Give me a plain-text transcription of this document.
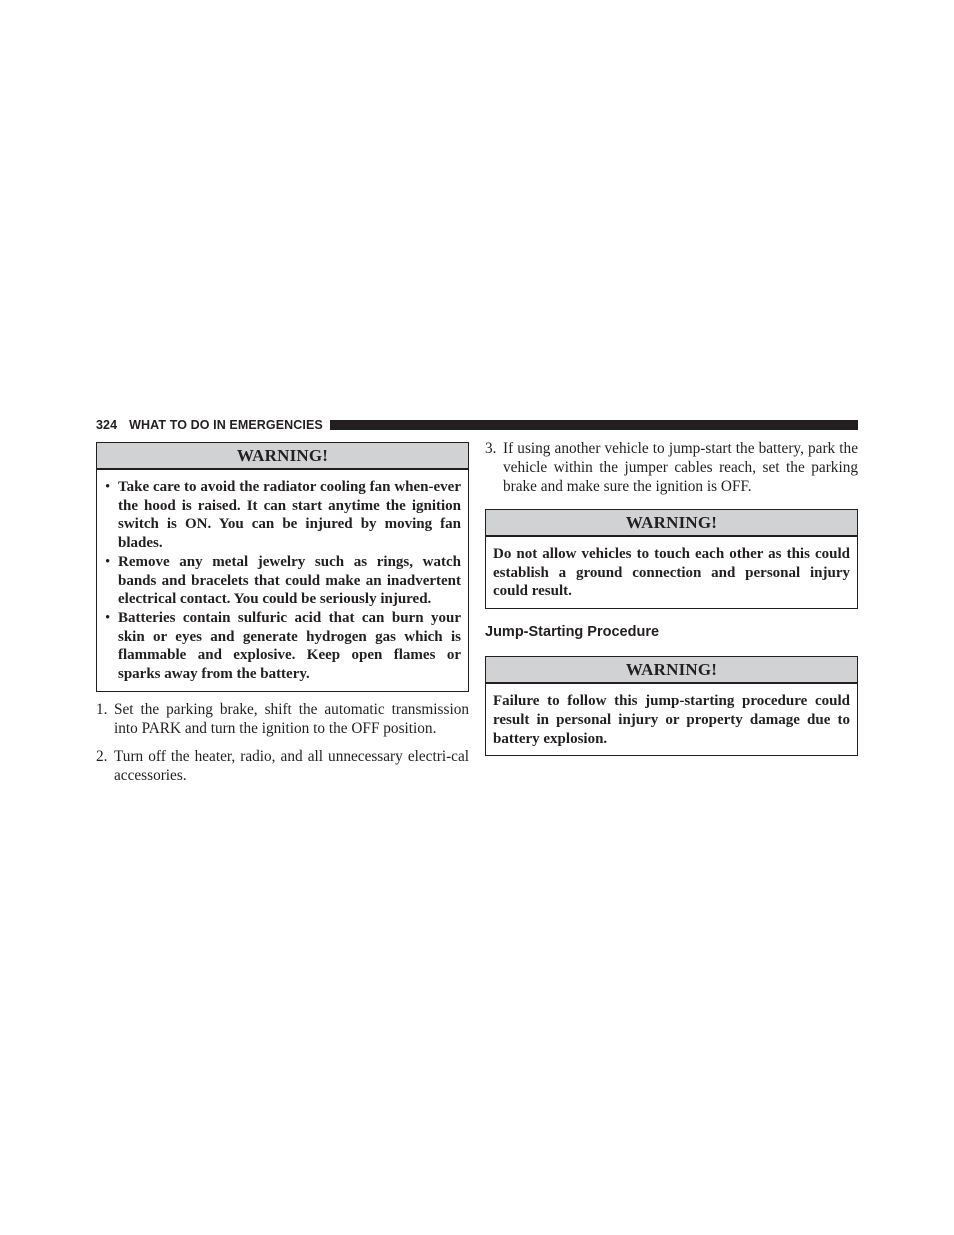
324 WHAT TO DO IN EMERGENCIES
WARNING!
• Take care to avoid the radiator cooling fan when-ever the hood is raised. It can start anytime the ignition switch is ON. You can be injured by moving fan blades.
• Remove any metal jewelry such as rings, watch bands and bracelets that could make an inadvertent electrical contact. You could be seriously injured.
• Batteries contain sulfuric acid that can burn your skin or eyes and generate hydrogen gas which is flammable and explosive. Keep open flames or sparks away from the battery.
1. Set the parking brake, shift the automatic transmission into PARK and turn the ignition to the OFF position.
2. Turn off the heater, radio, and all unnecessary electri-cal accessories.
3. If using another vehicle to jump-start the battery, park the vehicle within the jumper cables reach, set the parking brake and make sure the ignition is OFF.
WARNING!
Do not allow vehicles to touch each other as this could establish a ground connection and personal injury could result.
Jump-Starting Procedure
WARNING!
Failure to follow this jump-starting procedure could result in personal injury or property damage due to battery explosion.
